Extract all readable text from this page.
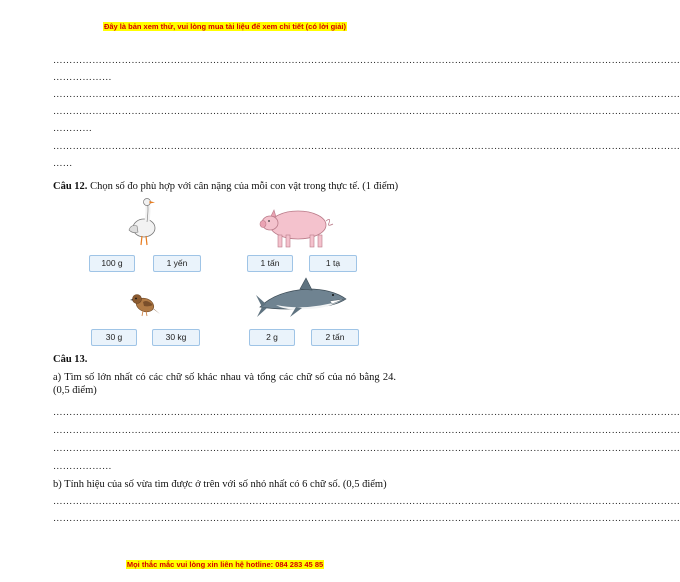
Đây là bản xem thử, vui lòng mua tài liệu để xem chi tiết (có lời giải)
…………………………………………………………………………………………………………………………………………………………………………
………………
…………………………………………………………………………………………………………………………………………………………………………
…………………………………………………………………………………………………………………………………………………………………………
…………
…………………………………………………………………………………………………………………………………………………………………………
……
Câu 12. Chọn số đo phù hợp với cân nặng của mỗi con vật trong thực tế. (1 điểm)
100 g	1 yến	1 tấn	1 tạ
30 g	30 kg	2 g	2 tấn
Câu 13.
a) Tìm số lớn nhất có các chữ số khác nhau và tổng các chữ số của nó bằng 24. (0,5 điểm)
…………………………………………………………………………………………………………………………………………………………………………
…………………………………………………………………………………………………………………………………………………………………………
…………………………………………………………………………………………………………………………………………………………………………
………………
b) Tính hiệu của số vừa tìm được ở trên với số nhỏ nhất có 6 chữ số. (0,5 điểm)
…………………………………………………………………………………………………………………………………………………………………………
…………………………………………………………………………………………………………………………………………………………………………
Mọi thắc mắc vui lòng xin liên hệ hotline: 084 283 45 85
